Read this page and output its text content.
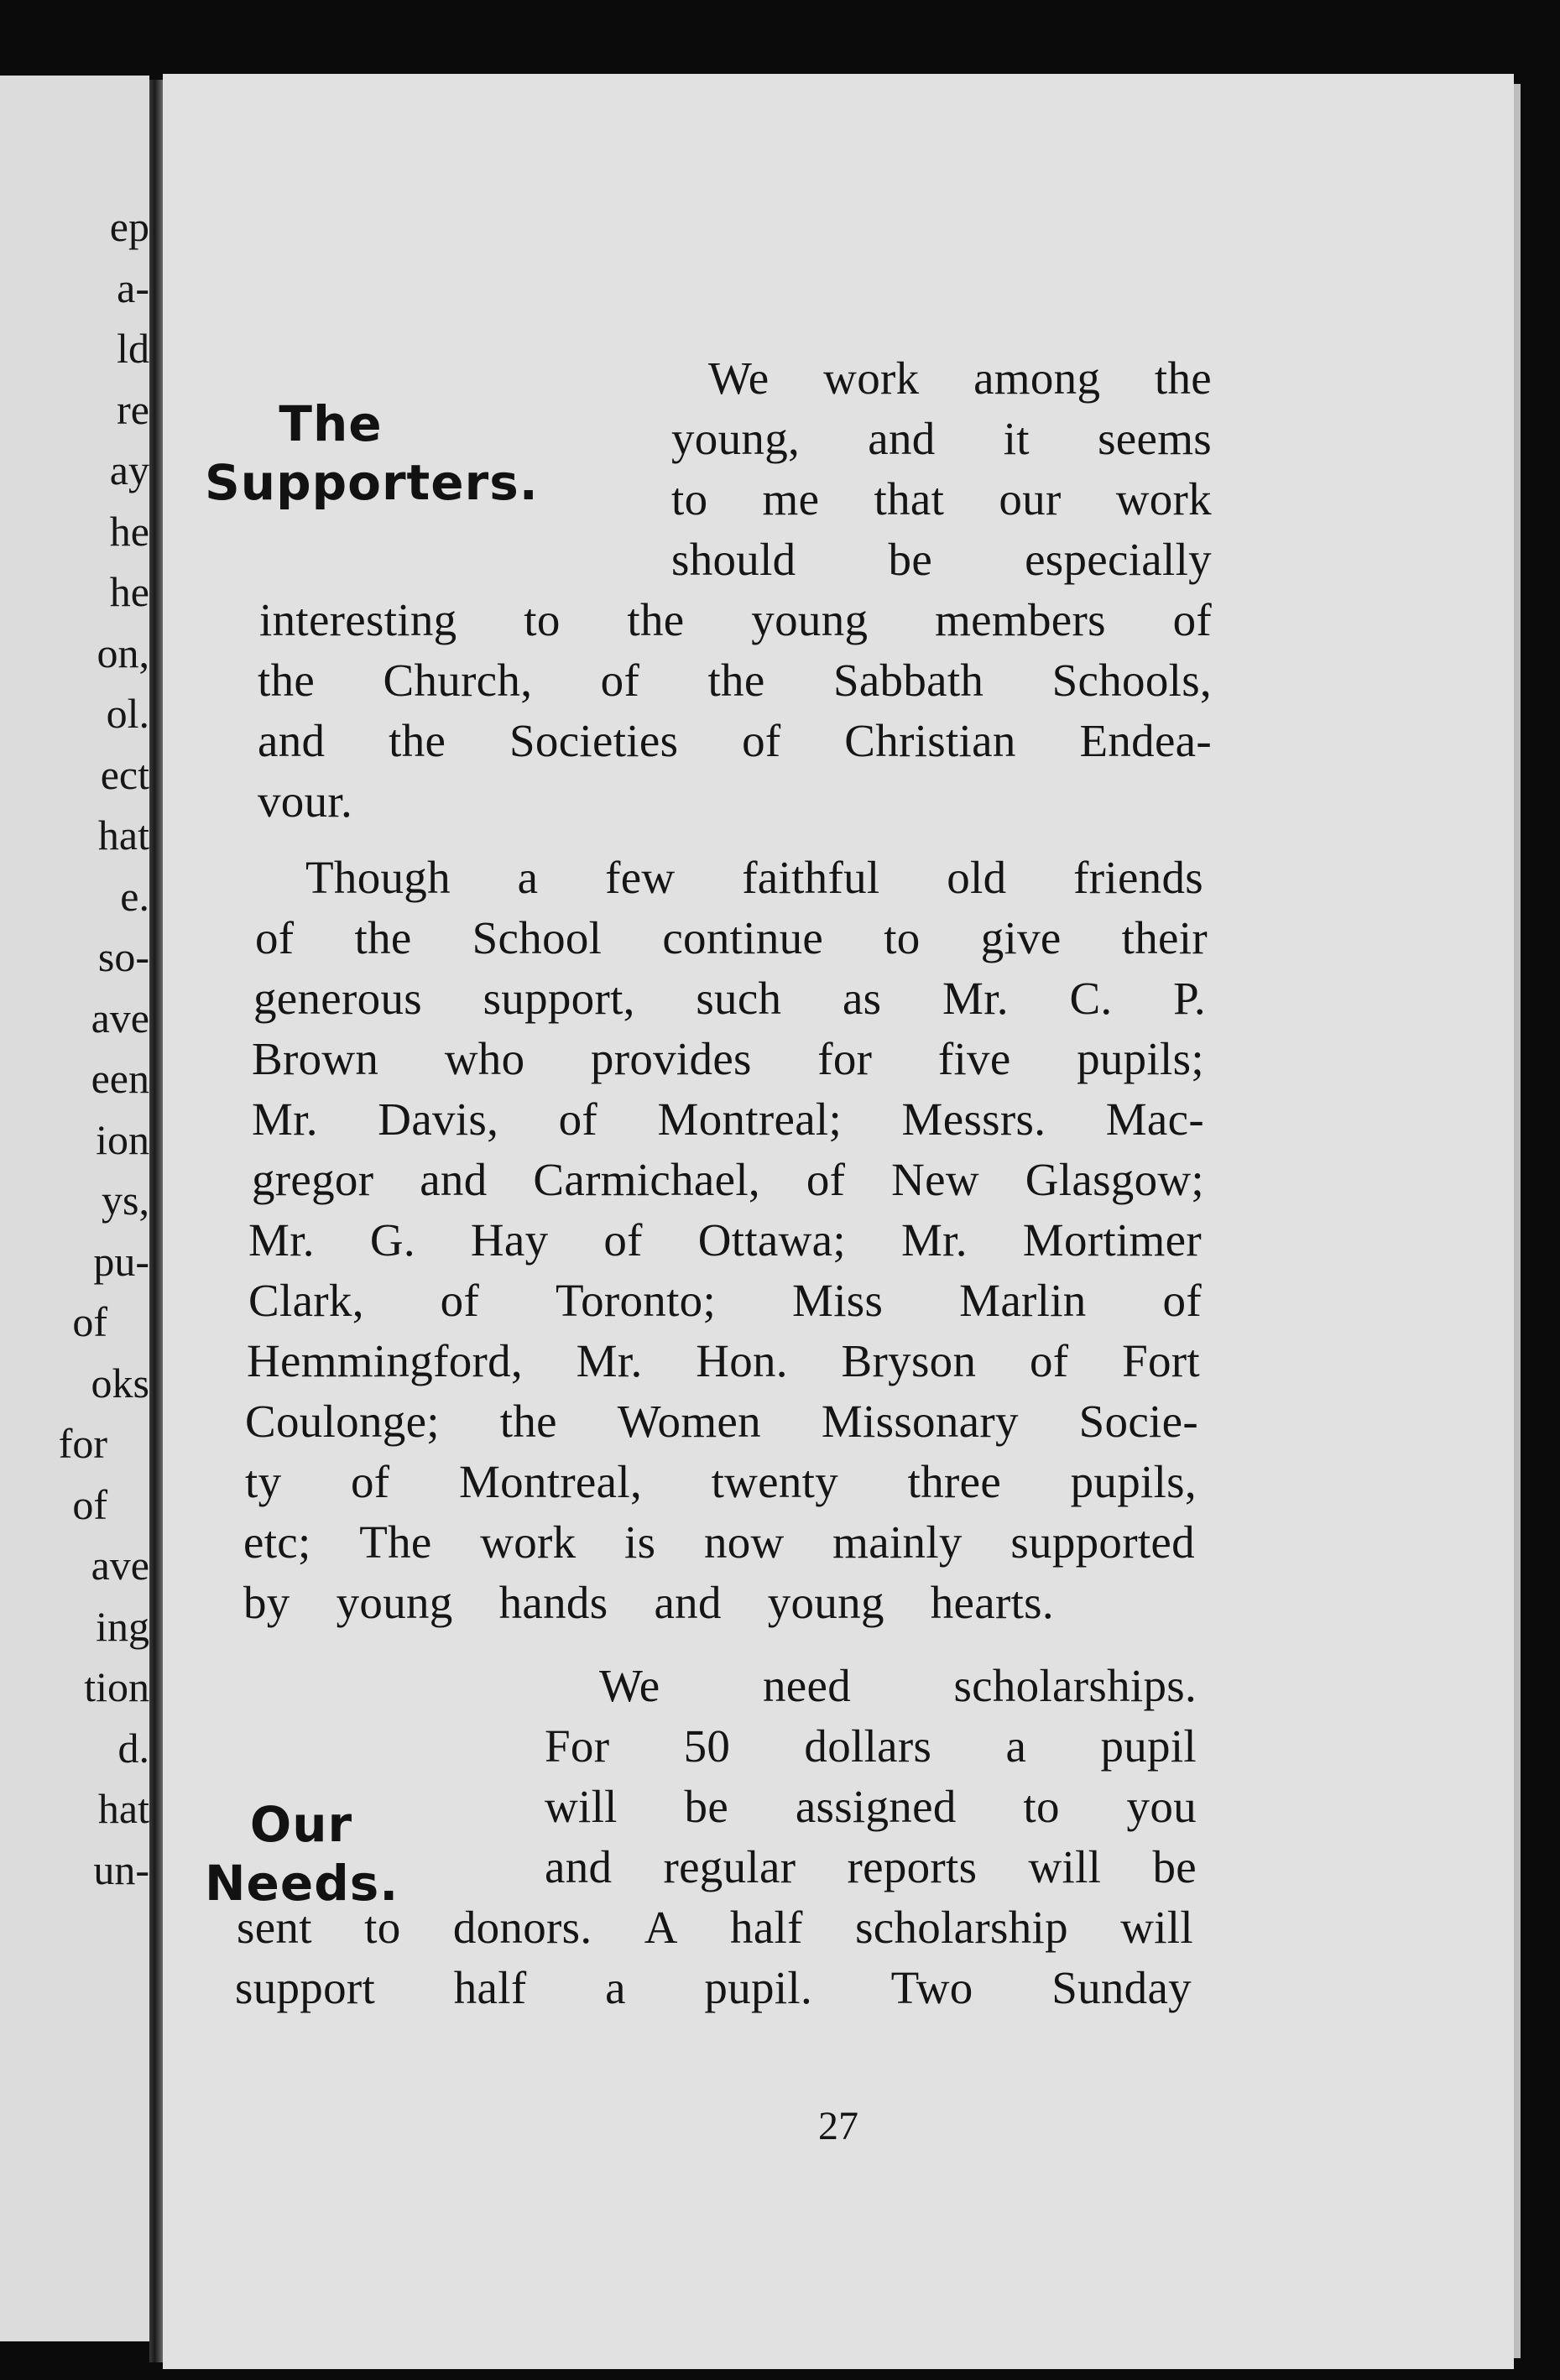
ep
a-
ld
re
ay
he
he
on,
ol.
ect
hat
e.
so-
ave
een
ion
ys,
pu-
of
oks
for
of
ave
ing
tion
d.
hat
un-
The
Supporters.
Our
Needs.
27
We work among the
young, and it seems
to me that our work
should be especially
interesting to the young members of
the Church, of the Sabbath Schools,
and the Societies of Christian Endea-
vour.
Though a few faithful old friends
of the School continue to give their
generous support, such as Mr. C. P.
Brown who provides for five pupils;
Mr. Davis, of Montreal; Messrs. Mac-
gregor and Carmichael, of New Glasgow;
Mr. G. Hay of Ottawa; Mr. Mortimer
Clark, of Toronto; Miss Marlin of
Hemmingford, Mr. Hon. Bryson of Fort
Coulonge; the Women Missonary Socie-
ty of Montreal, twenty three pupils,
etc; The work is now mainly supported
by young hands and young hearts.
We need scholarships.
For 50 dollars a pupil
will be assigned to you
and regular reports will be
sent to donors. A half scholarship will
support half a pupil. Two Sunday
